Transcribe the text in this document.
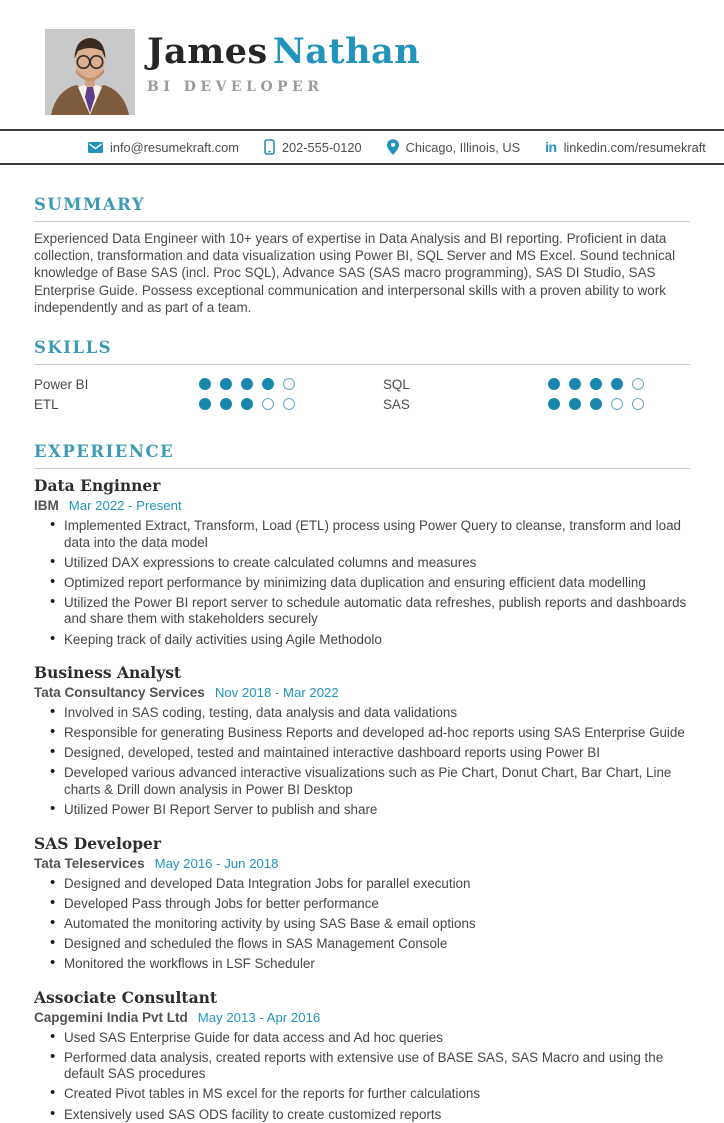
James Nathan
BI DEVELOPER
info@resumekraft.com	202-555-0120	Chicago, Illinois, US in linkedin.com/resumekraft
SUMMARY

Experienced Data Engineer with 10+ years of expertise in Data Analysis and BI reporting. Proficient in data collection, transformation and data visualization using Power BI, SQL Server and MS Excel. Sound technical knowledge of Base SAS (incl. Proc SQL), Advance SAS (SAS macro programming), SAS DI Studio, SAS Enterprise Guide. Possess exceptional communication and interpersonal skills with a proven ability to work independently and as part of a team.

SKILLS
Power BI	SQL
ETL	SAS
EXPERIENCE
Data Enginner
IBM Mar 2022 - Present
• Implemented Extract, Transform, Load (ETL) process using Power Query to cleanse, transform and load data into the data model
• Utilized DAX expressions to create calculated columns and measures
• Optimized report performance by minimizing data duplication and ensuring efficient data modelling
• Utilized the Power BI report server to schedule automatic data refreshes, publish reports and dashboards and share them with stakeholders securely
• Keeping track of daily activities using Agile Methodolo
Business Analyst
Tata Consultancy Services Nov 2018 - Mar 2022
• Involved in SAS coding, testing, data analysis and data validations
• Responsible for generating Business Reports and developed ad-hoc reports using SAS Enterprise Guide
• Designed, developed, tested and maintained interactive dashboard reports using Power BI
• Developed various advanced interactive visualizations such as Pie Chart, Donut Chart, Bar Chart, Line charts & Drill down analysis in Power BI Desktop
• Utilized Power BI Report Server to publish and share
SAS Developer
Tata Teleservices May 2016 - Jun 2018
• Designed and developed Data Integration Jobs for parallel execution
• Developed Pass through Jobs for better performance
• Automated the monitoring activity by using SAS Base & email options
• Designed and scheduled the flows in SAS Management Console
• Monitored the workflows in LSF Scheduler
Associate Consultant
Capgemini India Pvt Ltd May 2013 - Apr 2016
• Used SAS Enterprise Guide for data access and Ad hoc queries
• Performed data analysis, created reports with extensive use of BASE SAS, SAS Macro and using the default SAS procedures
• Created Pivot tables in MS excel for the reports for further calculations
• Extensively used SAS ODS facility to create customized reports
